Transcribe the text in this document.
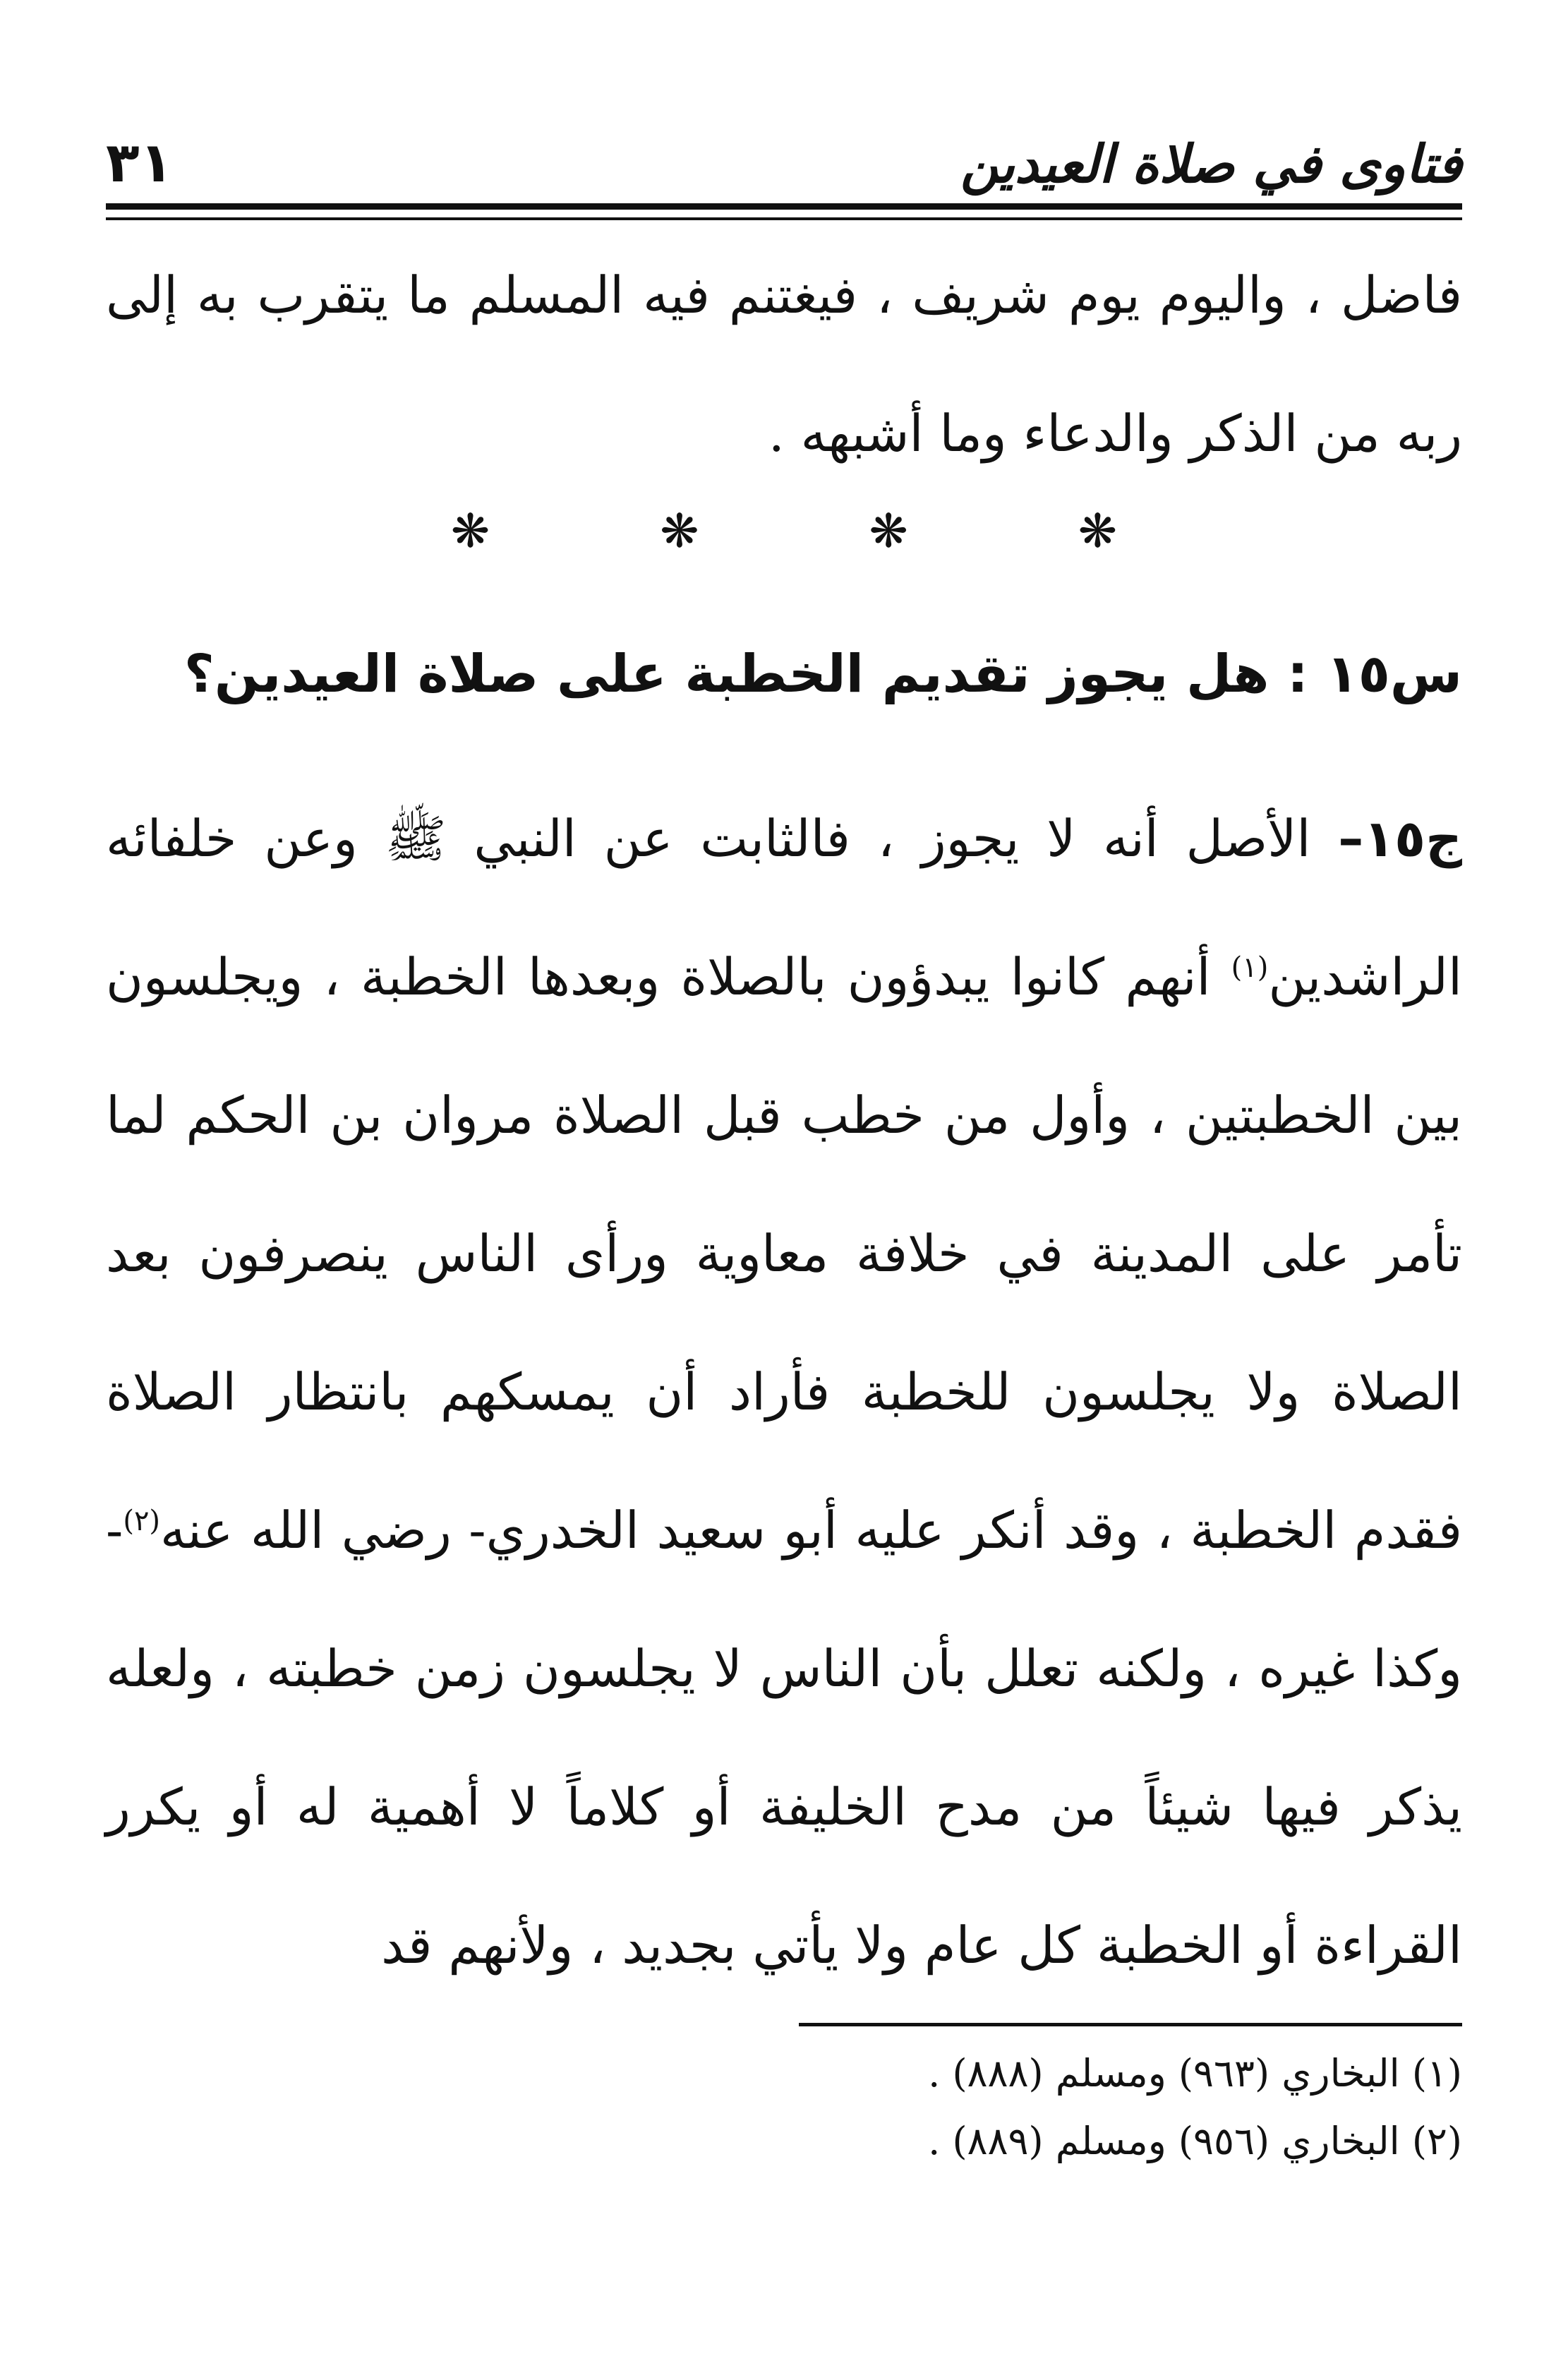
فتاوى في صلاة العيدين
٣١

فاضل ، واليوم يوم شريف ، فيغتنم فيه المسلم ما يتقرب به إلى ربه من الذكر والدعاء وما أشبهه .

❋ ❋ ❋ ❋
س١٥ : هل يجوز تقديم الخطبة على صلاة العيدين؟

ج١٥– الأصل أنه لا يجوز ، فالثابت عن النبي ﷺ وعن خلفائه الراشدين$^{(١)}$ أنهم كانوا يبدؤون بالصلاة وبعدها الخطبة ، ويجلسون بين الخطبتين ، وأول من خطب قبل الصلاة مروان بن الحكم لما تأمر على المدينة في خلافة معاوية ورأى الناس ينصرفون بعد الصلاة ولا يجلسون للخطبة فأراد أن يمسكهم بانتظار الصلاة فقدم الخطبة ، وقد أنكر عليه أبو سعيد الخدري- رضي الله عنه$^{(٢)}$- وكذا غيره ، ولكنه تعلل بأن الناس لا يجلسون زمن خطبته ، ولعله يذكر فيها شيئاً من مدح الخليفة أو كلاماً لا أهمية له أو يكرر القراءة أو الخطبة كل عام ولا يأتي بجديد ، ولأنهم قد

(١) البخاري (٩٦٣) ومسلم (٨٨٨) .
(٢) البخاري (٩٥٦) ومسلم (٨٨٩) .
